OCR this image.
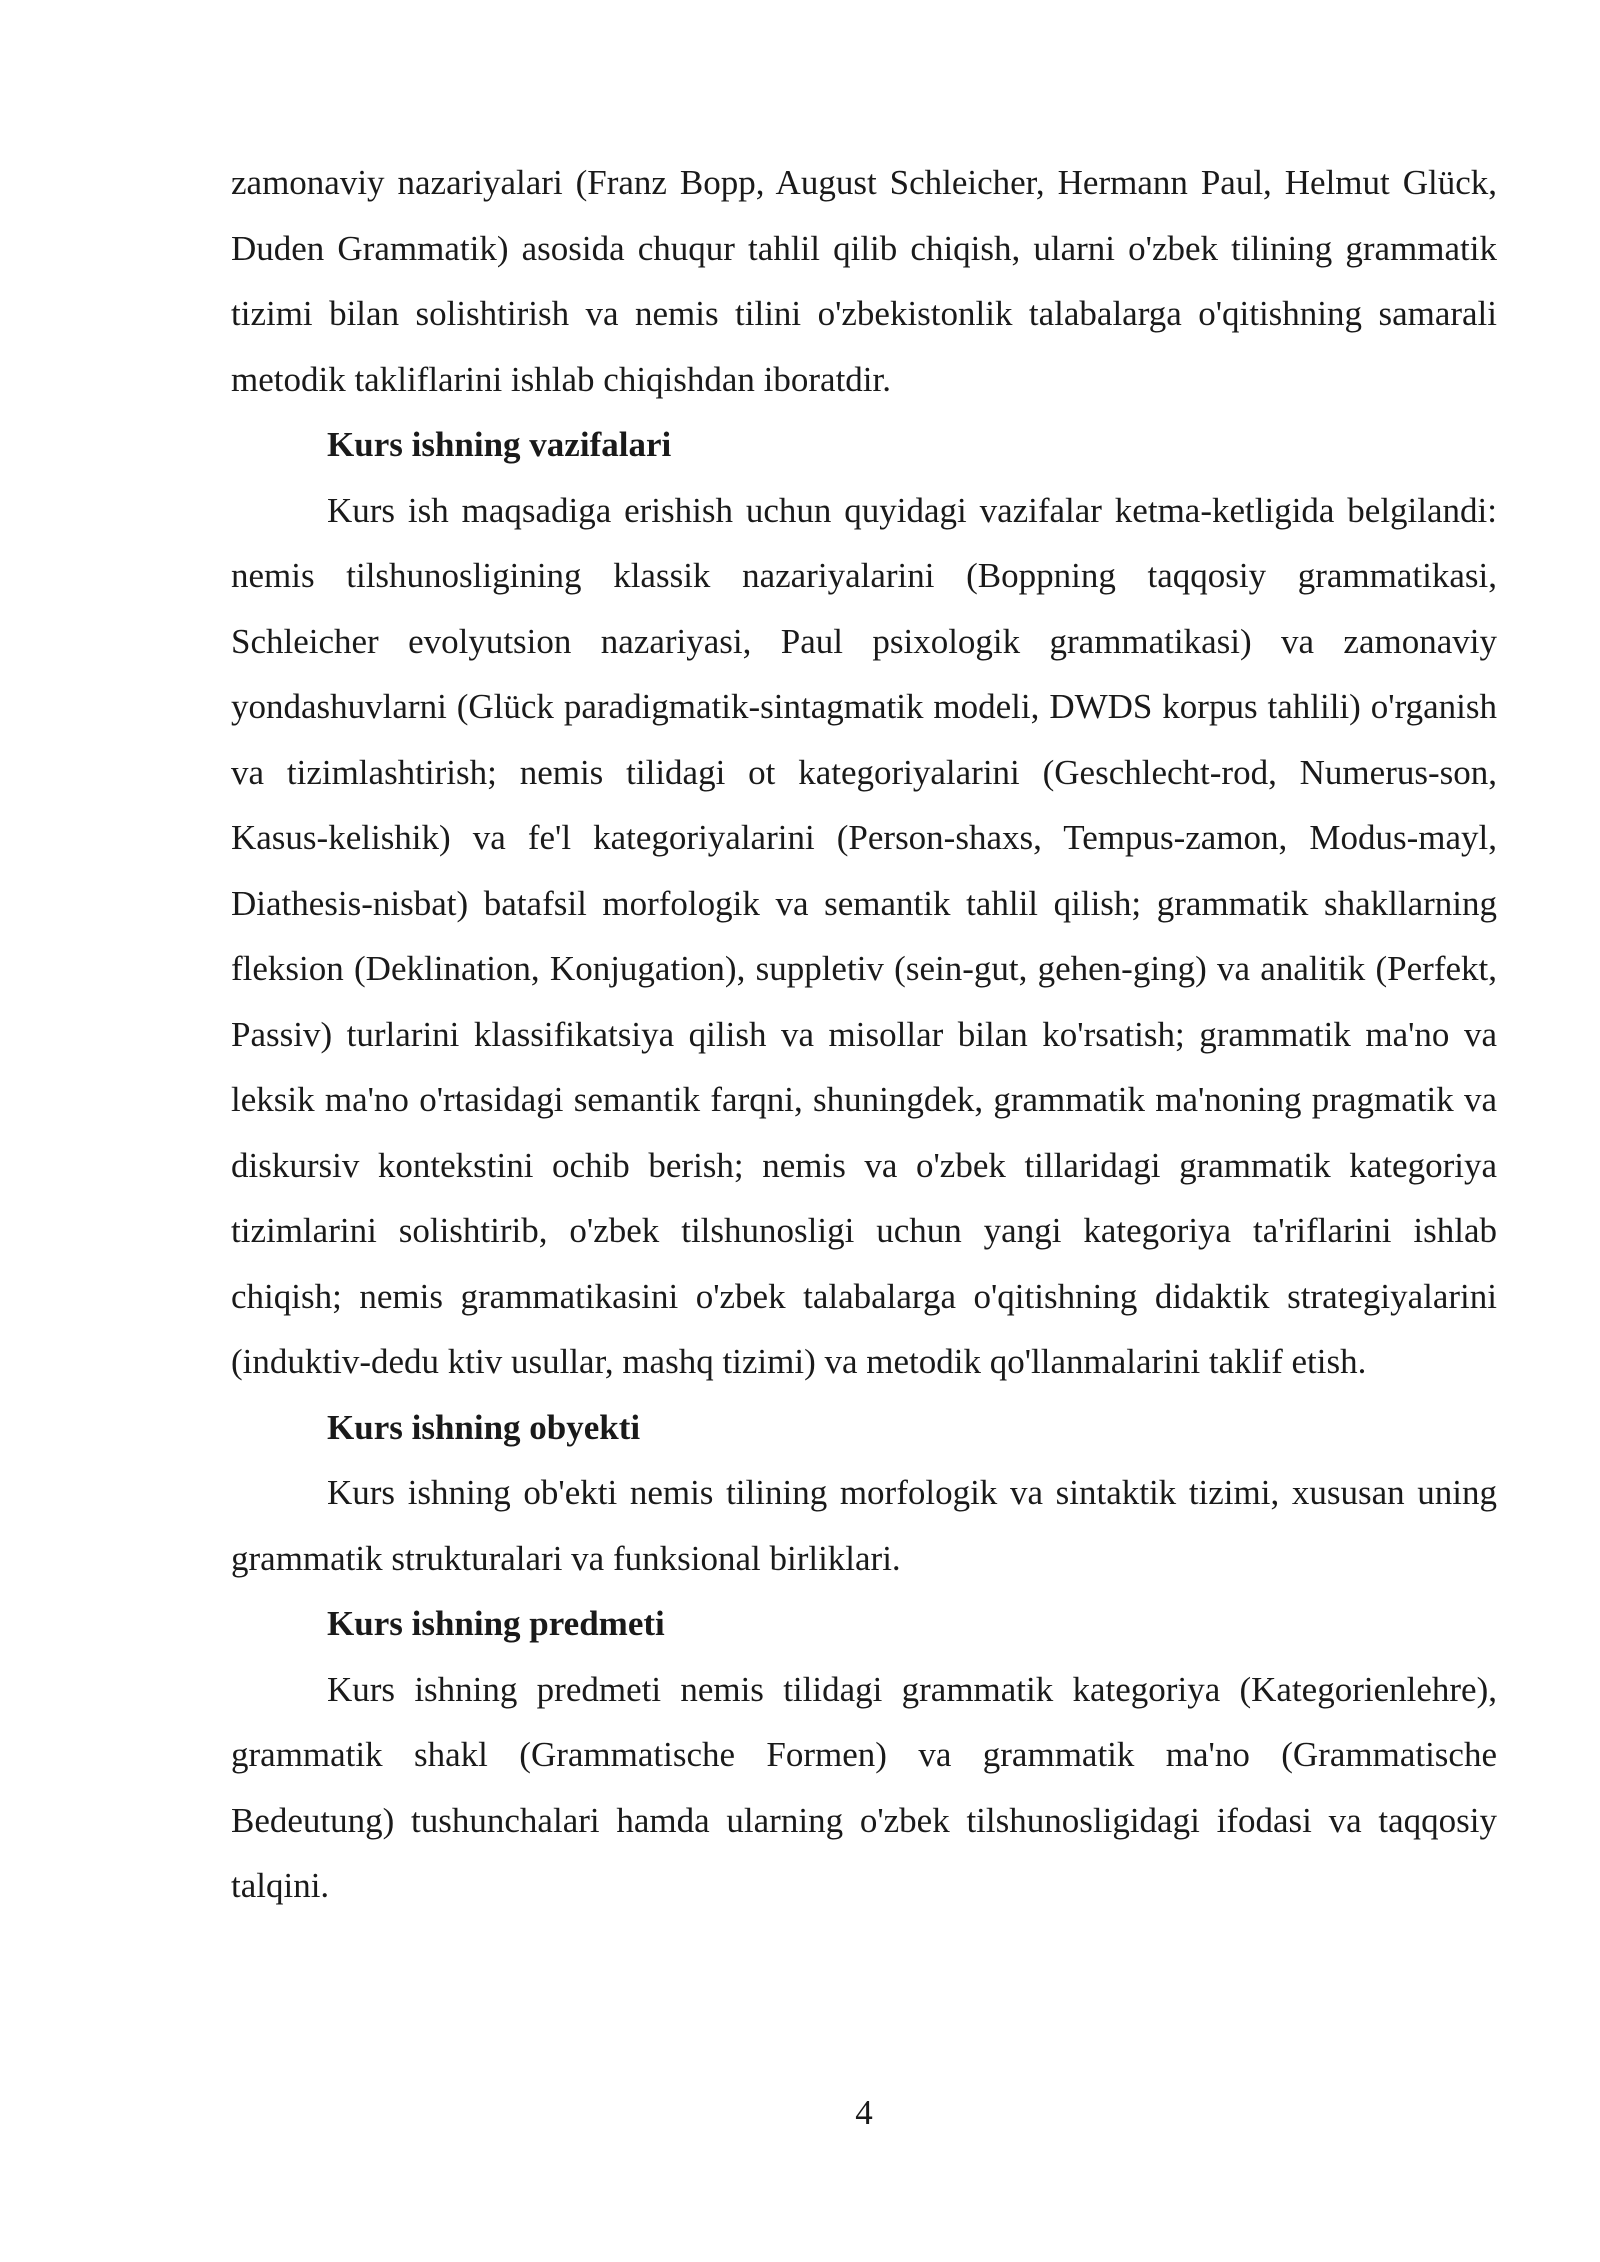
zamonaviy nazariyalari (Franz Bopp, August Schleicher, Hermann Paul, Helmut Glück, Duden Grammatik) asosida chuqur tahlil qilib chiqish, ularni o'zbek tilining grammatik tizimi bilan solishtirish va nemis tilini o'zbekistonlik talabalarga o'qitishning samarali metodik takliflarini ishlab chiqishdan iboratdir.

Kurs ishning vazifalari

Kurs ish maqsadiga erishish uchun quyidagi vazifalar ketma-ketligida belgilandi: nemis tilshunosligining klassik nazariyalarini (Boppning taqqosiy grammatikasi, Schleicher evolyutsion nazariyasi, Paul psixologik grammatikasi) va zamonaviy yondashuvlarni (Glück paradigmatik-sintagmatik modeli, DWDS korpus tahlili) o'rganish va tizimlashtirish; nemis tilidagi ot kategoriyalarini (Geschlecht-rod, Numerus-son, Kasus-kelishik) va fe'l kategoriyalarini (Person-shaxs, Tempus-zamon, Modus-mayl, Diathesis-nisbat) batafsil morfologik va semantik tahlil qilish; grammatik shakllarning fleksion (Deklination, Konjugation), suppletiv (sein-gut, gehen-ging) va analitik (Perfekt, Passiv) turlarini klassifikatsiya qilish va misollar bilan ko'rsatish; grammatik ma'no va leksik ma'no o'rtasidagi semantik farqni, shuningdek, grammatik ma'noning pragmatik va diskursiv kontekstini ochib berish; nemis va o'zbek tillaridagi grammatik kategoriya tizimlarini solishtirib, o'zbek tilshunosligi uchun yangi kategoriya ta'riflarini ishlab chiqish; nemis grammatikasini o'zbek talabalarga o'qitishning didaktik strategiyalarini (induktiv-dedu ktiv usullar, mashq tizimi) va metodik qo'llanmalarini taklif etish.

Kurs ishning obyekti

Kurs ishning ob'ekti nemis tilining morfologik va sintaktik tizimi, xususan uning grammatik strukturalari va funksional birliklari.

Kurs ishning predmeti

Kurs ishning predmeti nemis tilidagi grammatik kategoriya (Kategorienlehre), grammatik shakl (Grammatische Formen) va grammatik ma'no (Grammatische Bedeutung) tushunchalari hamda ularning o'zbek tilshunosligidagi ifodasi va taqqosiy talqini.

4
